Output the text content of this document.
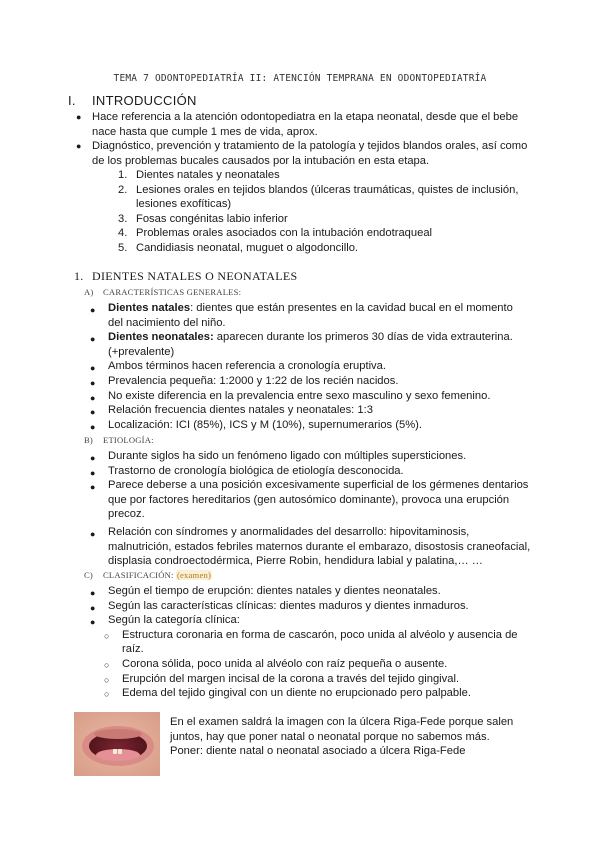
TEMA 7 ODONTOPEDIATRÍA II: ATENCIÓN TEMPRANA EN ODONTOPEDIATRÍA
I. INTRODUCCIÓN
● Hace referencia a la atención odontopediatra en la etapa neonatal, desde que el bebe
nace hasta que cumple 1 mes de vida, aprox.
● Diagnóstico, prevención y tratamiento de la patología y tejidos blandos orales, así como
de los problemas bucales causados por la intubación en esta etapa.
1. Dientes natales y neonatales
2. Lesiones orales en tejidos blandos (úlceras traumáticas, quistes de inclusión,
lesiones exofíticas)
3. Fosas congénitas labio inferior
4. Problemas orales asociados con la intubación endotraqueal
5. Candidiasis neonatal, muguet o algodoncillo.
1. DIENTES NATALES O NEONATALES
A) CARACTERÍSTICAS GENERALES:
● Dientes natales: dientes que están presentes en la cavidad bucal en el momento
del nacimiento del niño.
● Dientes neonatales: aparecen durante los primeros 30 días de vida extrauterina.
(+prevalente)
● Ambos términos hacen referencia a cronología eruptiva.
● Prevalencia pequeña: 1:2000 y 1:22 de los recién nacidos.
● No existe diferencia en la prevalencia entre sexo masculino y sexo femenino.
● Relación frecuencia dientes natales y neonatales: 1:3
● Localización: ICI (85%), ICS y M (10%), supernumerarios (5%).
B) ETIOLOGÍA:
● Durante siglos ha sido un fenómeno ligado con múltiples supersticiones.
● Trastorno de cronología biológica de etiología desconocida.
● Parece deberse a una posición excesivamente superficial de los gérmenes dentarios
que por factores hereditarios (gen autosómico dominante), provoca una erupción
precoz.
● Relación con síndromes y anormalidades del desarrollo: hipovitaminosis,
malnutrición, estados febriles maternos durante el embarazo, disostosis craneofacial,
displasia condroectodérmica, Pierre Robin, hendidura labial y palatina,… …
C) CLASIFICACIÓN: (examen)
● Según el tiempo de erupción: dientes natales y dientes neonatales.
● Según las características clínicas: dientes maduros y dientes inmaduros.
● Según la categoría clínica:
○ Estructura coronaria en forma de cascarón, poco unida al alvéolo y ausencia de
raíz.
○ Corona sólida, poco unida al alvéolo con raíz pequeña o ausente.
○ Erupción del margen incisal de la corona a través del tejido gingival.
○ Edema del tejido gingival con un diente no erupcionado pero palpable.
En el examen saldrá la imagen con la úlcera Riga-Fede porque salen
juntos, hay que poner natal o neonatal porque no sabemos más.
Poner: diente natal o neonatal asociado a úlcera Riga-Fede
